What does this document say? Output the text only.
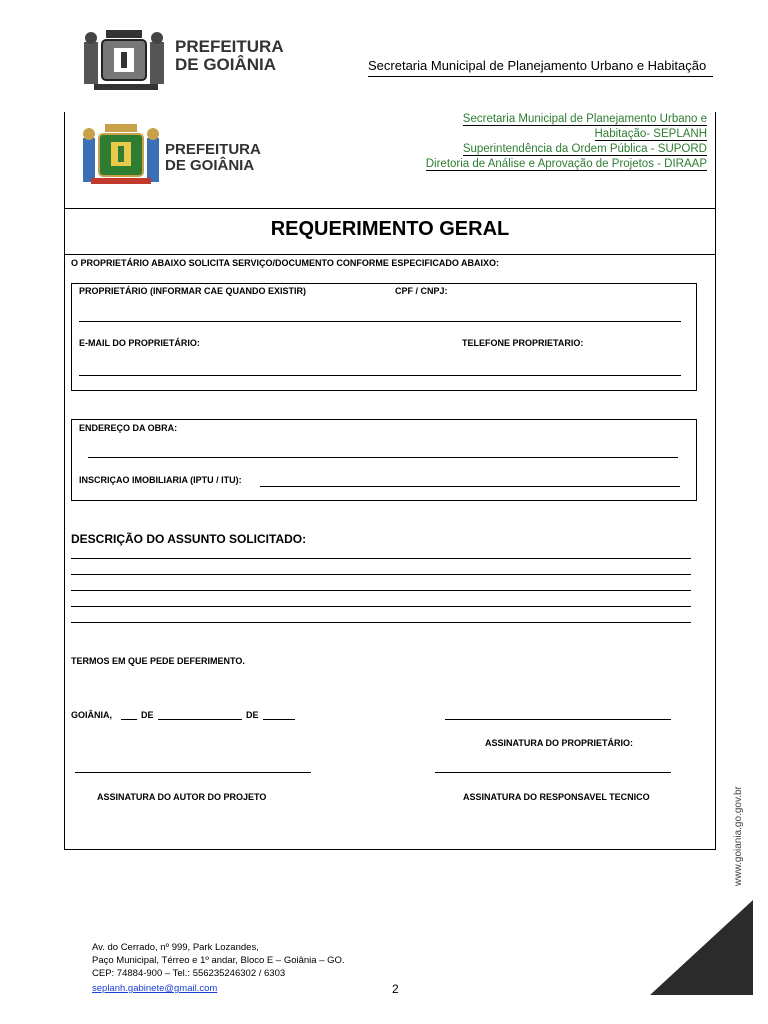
PREFEITURA
DE GOIÂNIA	Secretaria Municipal de Planejamento Urbano e Habitação
PREFEITURA
DE GOIÂNIA
Secretaria Municipal de Planejamento Urbano e
Habitação- SEPLANH
Superintendência da Ordem Pública - SUPORD
Diretoria de Análise e Aprovação de Projetos - DIRAAP
REQUERIMENTO GERAL
O PROPRIETÁRIO ABAIXO SOLICITA SERVIÇO/DOCUMENTO CONFORME ESPECIFICADO ABAIXO:
PROPRIETÁRIO (INFORMAR CAE QUANDO EXISTIR)	CPF / CNPJ:
E-MAIL DO PROPRIETÁRIO:	TELEFONE PROPRIETARIO:
ENDEREÇO DA OBRA:
INSCRIÇAO IMOBILIARIA (IPTU / ITU):
DESCRIÇÃO DO ASSUNTO SOLICITADO:
TERMOS EM QUE PEDE DEFERIMENTO.
GOIÂNIA,	DE	DE
ASSINATURA DO PROPRIETÁRIO:
ASSINATURA DO AUTOR DO PROJETO	ASSINATURA DO RESPONSAVEL TECNICO
Av. do Cerrado, nº 999, Park Lozandes,
Paço Municipal, Térreo e 1º andar, Bloco E – Goiânia – GO.
CEP: 74884-900 – Tel.: 556235246302 / 6303
seplanh.gabinete@gmail.com	2
www.goiania.go.gov.br
